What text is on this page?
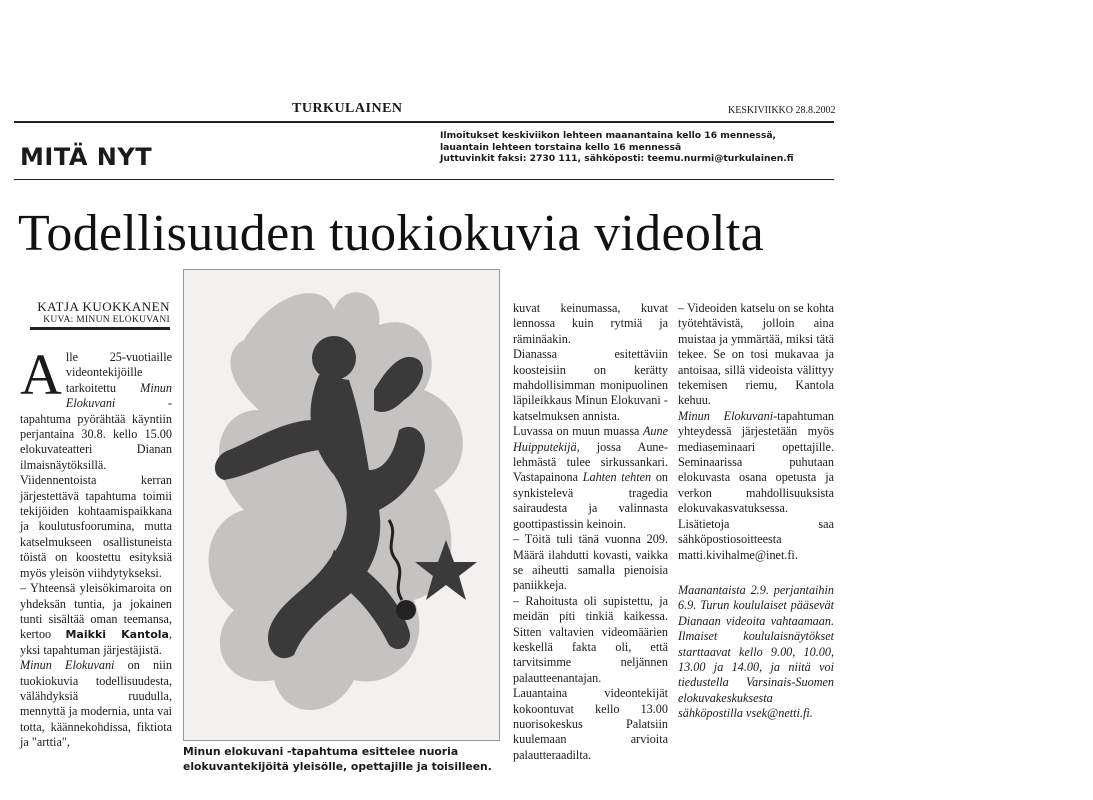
TURKULAINEN	KESKIVIIKKO 28.8.2002
MITÄ NYT
Ilmoitukset keskiviikon lehteen maanantaina kello 16 mennessä,
lauantain lehteen torstaina kello 16 mennessä
Juttuvinkit faksi: 2730 111, sähköposti: teemu.nurmi@turkulainen.fi
Todellisuuden tuokiokuvia videolta
KATJA KUOKKANEN
KUVA: MINUN ELOKUVANI

Alle 25-vuotiaille videontekijöille tarkoitettu Minun Elokuvani -tapahtuma pyörähtää käyntiin perjantaina 30.8. kello 15.00 elokuvateatteri Dianan ilmaisnäytöksillä.

Viidennentoista kerran järjestettävä tapahtuma toimii tekijöiden kohtaamispaikkana ja koulutusfoorumina, mutta katselmukseen osallistuneista töistä on koostettu esityksiä myös yleisön viihdytykseksi.

– Yhteensä yleisökimaroita on yhdeksän tuntia, ja jokainen tunti sisältää oman teemansa, kertoo Maikki Kantola, yksi tapahtuman järjestäjistä.

Minun Elokuvani on niin tuokiokuvia todellisuudesta, välähdyksiä ruudulla, mennyttä ja modernia, unta vai totta, käännekohdissa, fiktiota ja "arttia",

Minun elokuvani -tapahtuma esittelee nuoria elokuvantekijöitä yleisölle, opettajille ja toisilleen.

kuvat keinumassa, kuvat lennossa kuin rytmiä ja räminäakin.

Dianassa esitettäviin koosteisiin on kerätty mahdollisimman monipuolinen läpileikkaus Minun Elokuvani -katselmuksen annista.

Luvassa on muun muassa Aune Huipputekijä, jossa Aune-lehmästä tulee sirkussankari. Vastapainona Lahten tehten on synkistelevä tragedia sairaudesta ja valinnasta goottipastissin keinoin.

– Töitä tuli tänä vuonna 209. Määrä ilahdutti kovasti, vaikka se aiheutti samalla pienoisia paniikkeja.

– Rahoitusta oli supistettu, ja meidän piti tinkiä kaikessa. Sitten valtavien videomäärien keskellä fakta oli, että tarvitsimme neljännen palautteenantajan.

Lauantaina videontekijät kokoontuvat kello 13.00 nuorisokeskus Palatsiin kuulemaan arvioita palautteraadilta.

– Videoiden katselu on se kohta työtehtävistä, jolloin aina muistaa ja ymmärtää, miksi tätä tekee. Se on tosi mukavaa ja antoisaa, sillä videoista välittyy tekemisen riemu, Kantola kehuu.

Minun Elokuvani-tapahtuman yhteydessä järjestetään myös mediaseminaari opettajille. Seminaarissa puhutaan elokuvasta osana opetusta ja verkon mahdollisuuksista elokuvakasvatuksessa.

Lisätietoja saa sähköpostiosoitteesta matti.kivihalme@inet.fi.

Maanantaista 2.9. perjantaihin 6.9. Turun koululaiset pääsevät Dianaan videoita vahtaamaan. Ilmaiset koululaisnäytökset starttaavat kello 9.00, 10.00, 13.00 ja 14.00, ja niitä voi tiedustella Varsinais-Suomen elokuvakeskuksesta sähköpostilla vsek@netti.fi.
